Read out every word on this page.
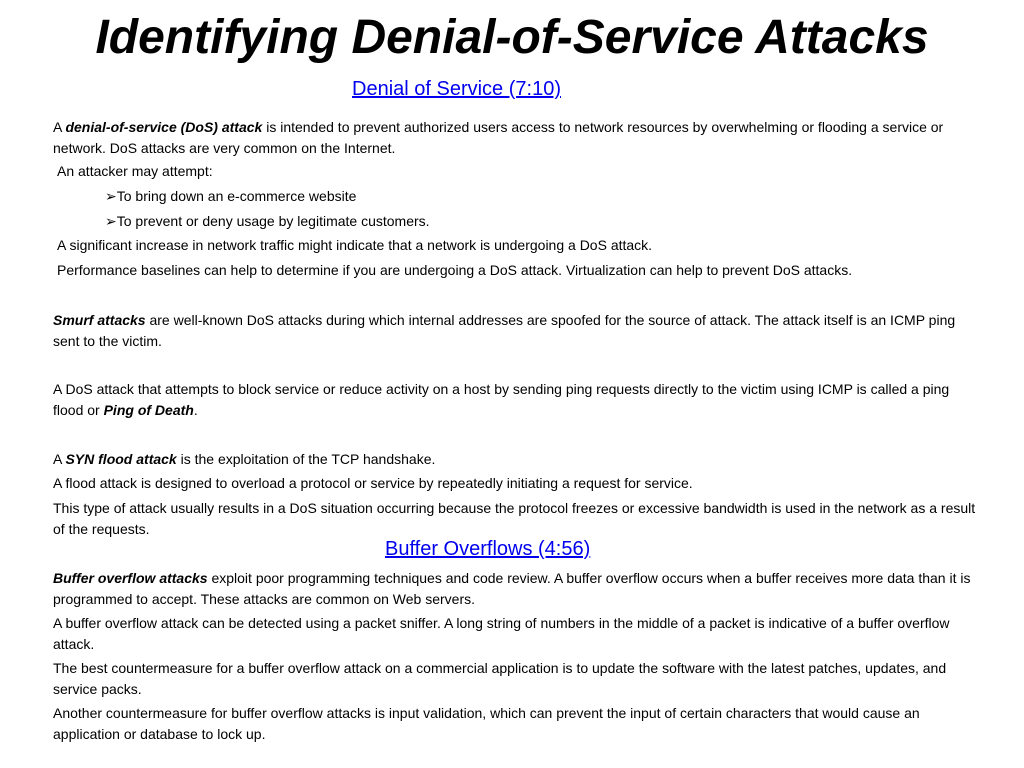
Identifying Denial-of-Service Attacks
Denial of Service (7:10)

A denial-of-service (DoS) attack is intended to prevent authorized users access to network resources by overwhelming or flooding a service or network. DoS attacks are very common on the Internet.

An attacker may attempt:

➢To bring down an e-commerce website

➢To prevent or deny usage by legitimate customers.

A significant increase in network traffic might indicate that a network is undergoing a DoS attack.

Performance baselines can help to determine if you are undergoing a DoS attack. Virtualization can help to prevent DoS attacks.

Smurf attacks are well-known DoS attacks during which internal addresses are spoofed for the source of attack. The attack itself is an ICMP ping sent to the victim.

A DoS attack that attempts to block service or reduce activity on a host by sending ping requests directly to the victim using ICMP is called a ping flood or Ping of Death.

A SYN flood attack is the exploitation of the TCP handshake.

A flood attack is designed to overload a protocol or service by repeatedly initiating a request for service.

This type of attack usually results in a DoS situation occurring because the protocol freezes or excessive bandwidth is used in the network as a result of the requests.

Buffer Overflows (4:56)

Buffer overflow attacks exploit poor programming techniques and code review. A buffer overflow occurs when a buffer receives more data than it is programmed to accept. These attacks are common on Web servers.

A buffer overflow attack can be detected using a packet sniffer. A long string of numbers in the middle of a packet is indicative of a buffer overflow attack.

The best countermeasure for a buffer overflow attack on a commercial application is to update the software with the latest patches, updates, and service packs.

Another countermeasure for buffer overflow attacks is input validation, which can prevent the input of certain characters that would cause an application or database to lock up.
